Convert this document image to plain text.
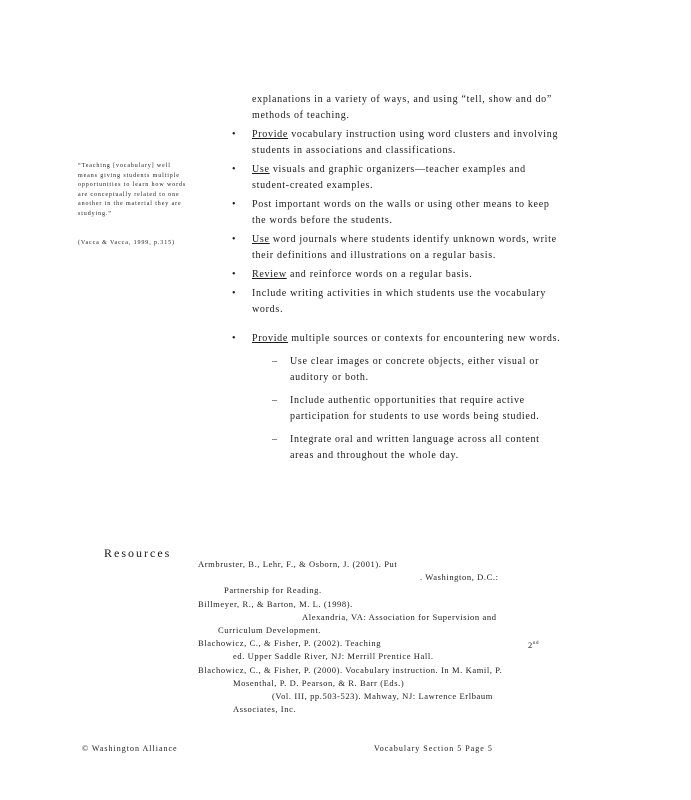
“Teaching [vocabulary] well means giving students multiple opportunities to learn how words are conceptually related to one another in the material they are studying.”
(Vacca & Vacca, 1999, p.315)
explanations in a variety of ways, and using “tell, show and do” methods of teaching.
• Provide vocabulary instruction using word clusters and involving students in associations and classifications.
• Use visuals and graphic organizers—teacher examples and student-created examples.
• Post important words on the walls or using other means to keep the words before the students.
• Use word journals where students identify unknown words, write their definitions and illustrations on a regular basis.
• Review and reinforce words on a regular basis.
• Include writing activities in which students use the vocabulary words.
• Provide multiple sources or contexts for encountering new words.
– Use clear images or concrete objects, either visual or auditory or both.
– Include authentic opportunities that require active participation for students to use words being studied.
– Integrate oral and written language across all content areas and throughout the whole day.
Resources
Armbruster, B., Lehr, F., & Osborn, J. (2001). Put
. Washington, D.C.:
Partnership for Reading.
Billmeyer, R., & Barton, M. L. (1998).
Alexandria, VA: Association for Supervision and
Curriculum Development.
Blachowicz, C., & Fisher, P. (2002). Teaching	2nd
ed. Upper Saddle River, NJ: Merrill Prentice Hall.
Blachowicz, C., & Fisher, P. (2000). Vocabulary instruction. In M. Kamil, P.
Mosenthal, P. D. Pearson, & R. Barr (Eds.)
(Vol. III, pp.503-523). Mahway, NJ: Lawrence Erlbaum
Associates, Inc.
© Washington Alliance	Vocabulary Section 5 Page 5
